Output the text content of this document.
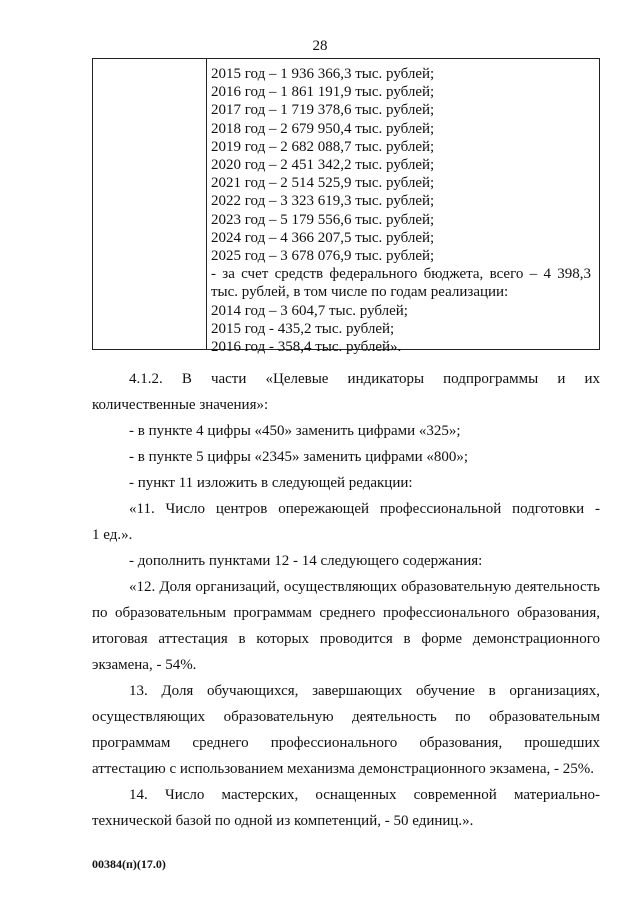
28
2015 год – 1 936 366,3 тыс. рублей;
2016 год – 1 861 191,9 тыс. рублей;
2017 год – 1 719 378,6 тыс. рублей;
2018 год – 2 679 950,4 тыс. рублей;
2019 год – 2 682 088,7 тыс. рублей;
2020 год – 2 451 342,2 тыс. рублей;
2021 год – 2 514 525,9 тыс. рублей;
2022 год – 3 323 619,3 тыс. рублей;
2023 год – 5 179 556,6 тыс. рублей;
2024 год – 4 366 207,5 тыс. рублей;
2025 год – 3 678 076,9 тыс. рублей;
- за счет средств федерального бюджета, всего – 4 398,3
тыс. рублей, в том числе по годам реализации:
2014 год – 3 604,7 тыс. рублей;
2015 год - 435,2 тыс. рублей;
2016 год - 358,4 тыс. рублей».

4.1.2. В части «Целевые индикаторы подпрограммы и их

количественные значения»:

- в пункте 4 цифры «450» заменить цифрами «325»;

- в пункте 5 цифры «2345» заменить цифрами «800»;

- пункт 11 изложить в следующей редакции:

«11. Число центров опережающей профессиональной подготовки -

1 ед.».

- дополнить пунктами 12 - 14 следующего содержания:

«12. Доля организаций, осуществляющих образовательную деятельность по образовательным программам среднего профессионального образования, итоговая аттестация в которых проводится в форме демонстрационного экзамена, - 54%.

13. Доля обучающихся, завершающих обучение в организациях, осуществляющих образовательную деятельность по образовательным программам среднего профессионального образования, прошедших аттестацию с использованием механизма демонстрационного экзамена, - 25%.

14. Число мастерских, оснащенных современной материально-технической базой по одной из компетенций, - 50 единиц.».

00384(п)(17.0)
